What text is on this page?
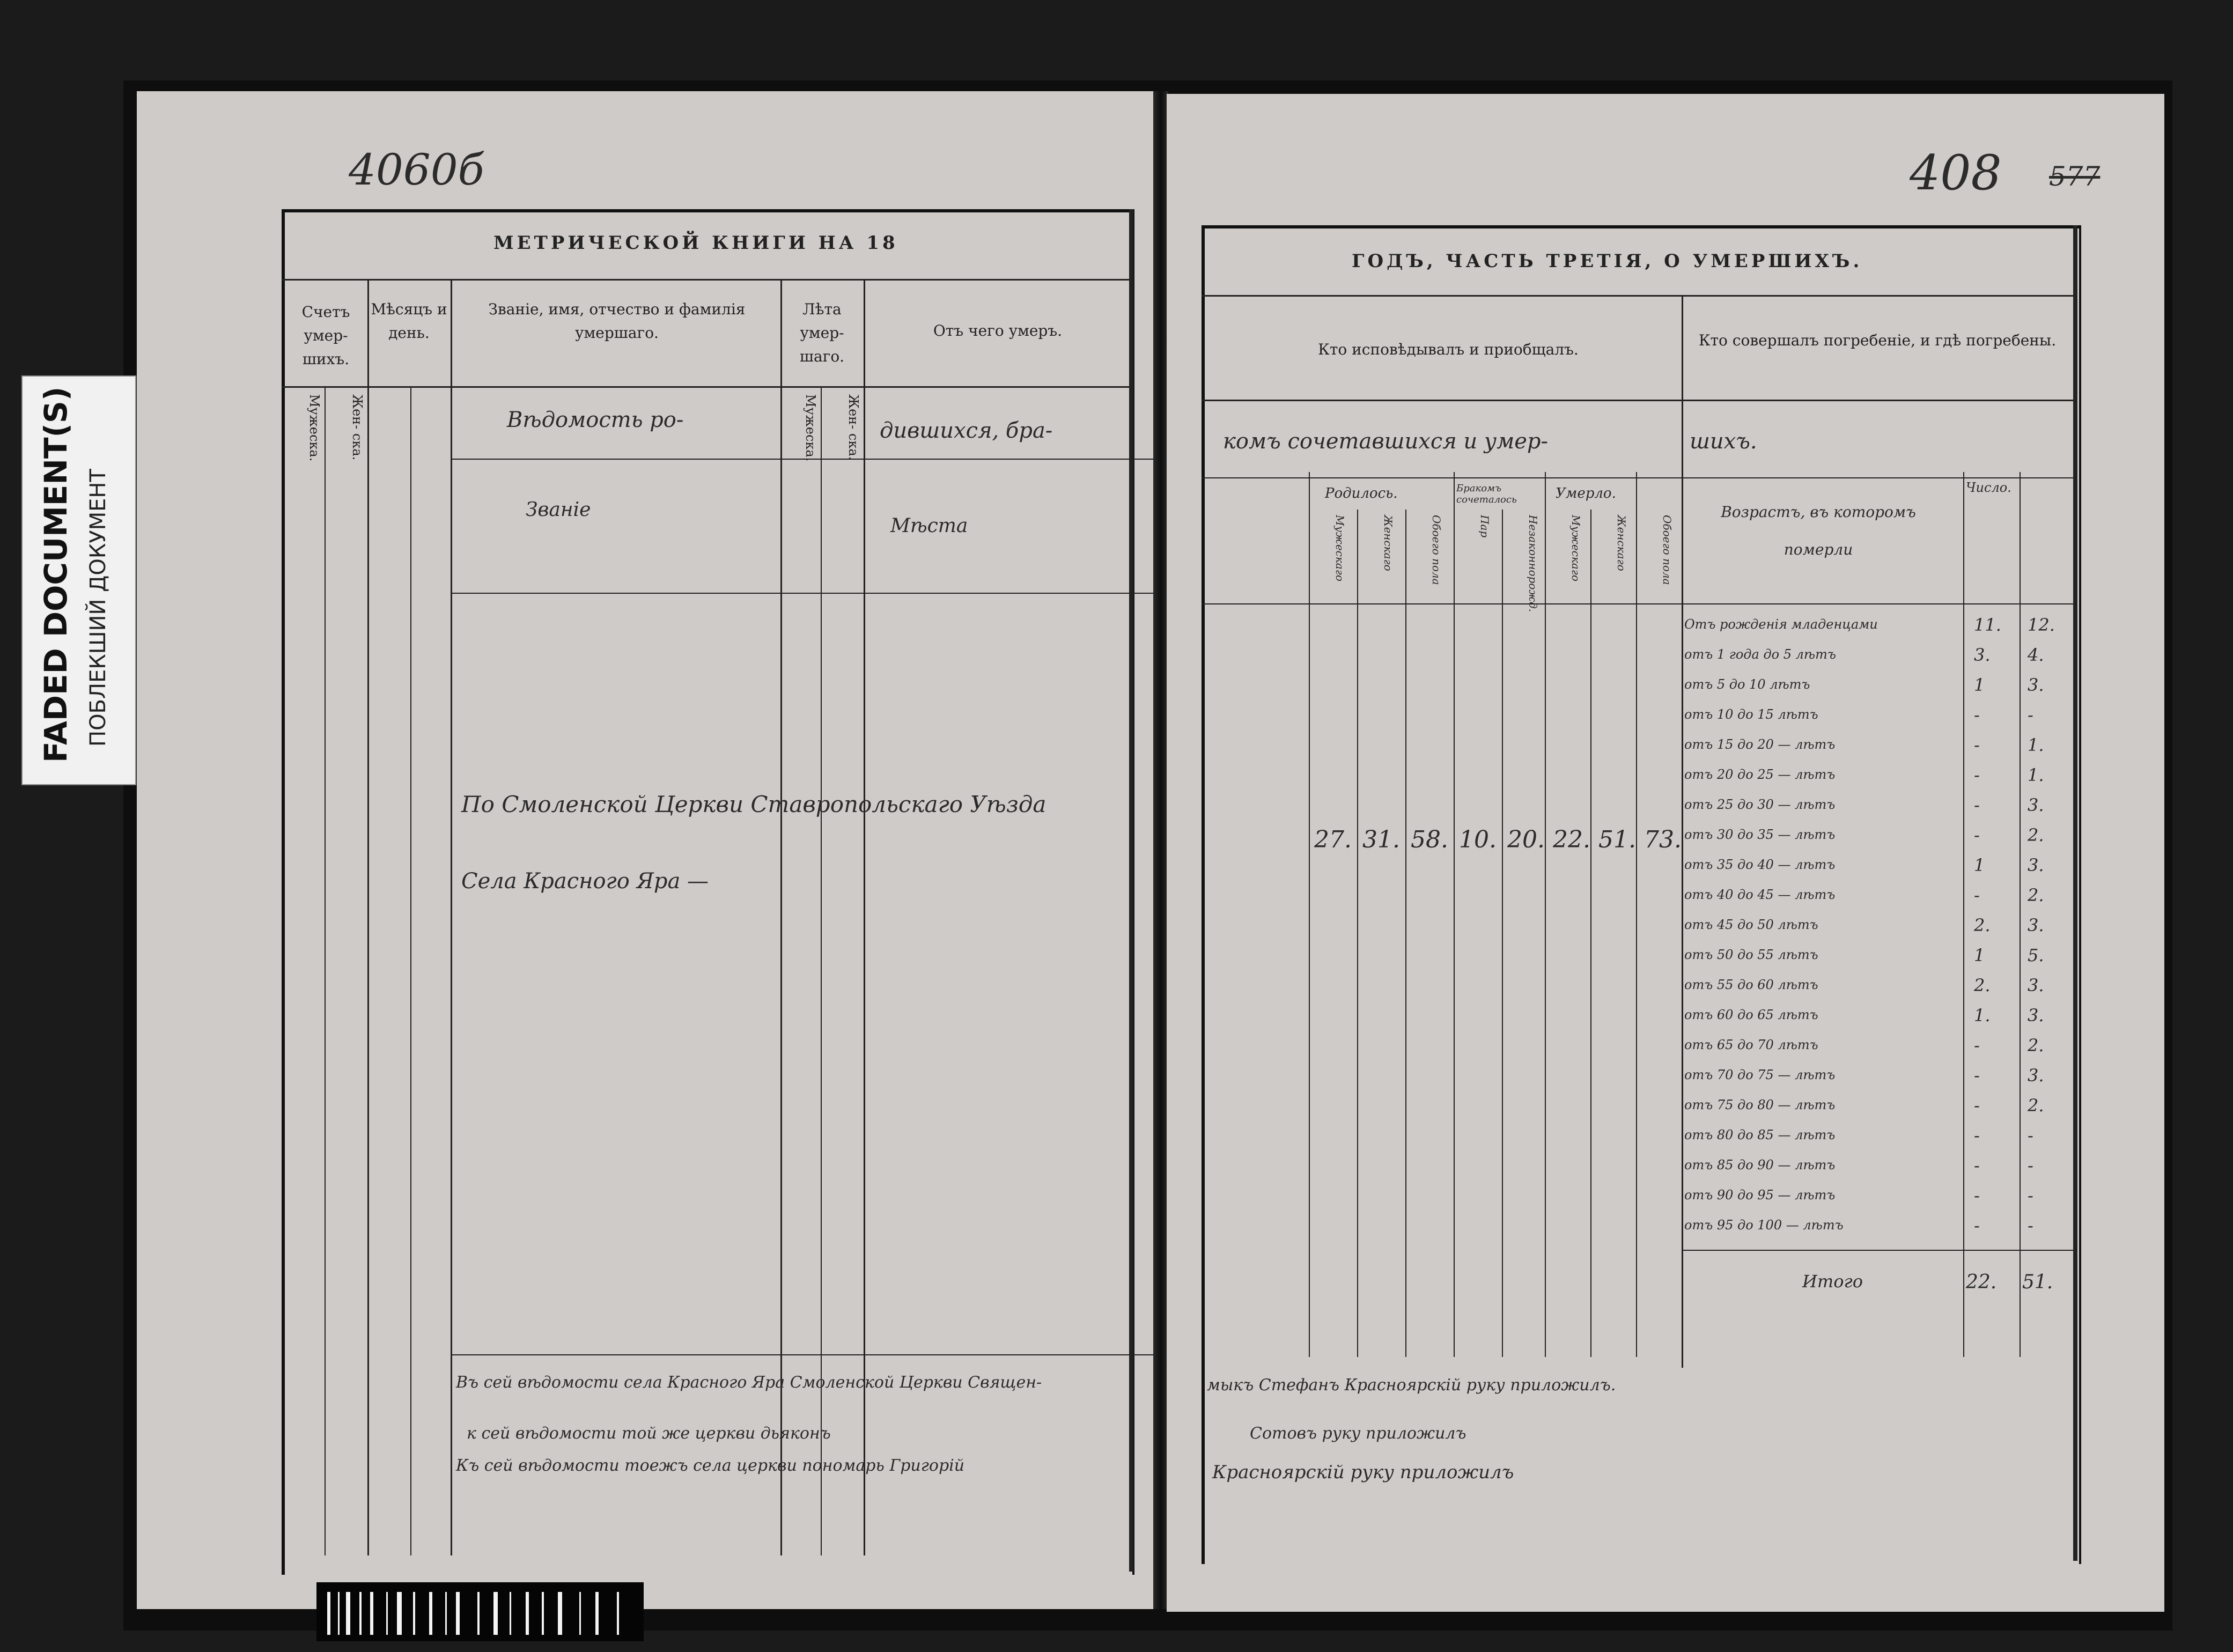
FADED DOCUMENT(S) ПОБЛЕКШИЙ ДОКУМЕНТ
4060б	408 577
МЕТРИЧЕСКОЙ КНИГИ НА 18
Счетъ умер- шихъ.
Мѣсяцъ и день.
Званіе, имя, отчество и фамилія умершаго.
Лѣта умер- шаго.
Отъ чего умеръ.
Мужеска. Жен- ска.	Мужеска. Жен- ска.
Вѣдомость ро-	дившихся, бра-
Званіе
Мѣста
По Смоленской Церкви Ставропольскаго Уѣзда
Села Красного Яра —
Въ сей вѣдомости села Красного Яра Смоленской Церкви Священ-
к сей вѣдомости той же церкви дьяконъ
Къ сей вѣдомости тоежъ села церкви пономарь Григорій
ГОДЪ, ЧАСТЬ ТРЕТІЯ, О УМЕРШИХЪ.
Кто исповѣдывалъ и приобщалъ.
Кто совершалъ погребеніе, и гдѣ погребены.
комъ сочетавшихся и умер-	шихъ.
Родилось.	Бракомъ сочеталось	Умерло.
Возрастъ, въ которомъ померли
Число.
Мужескаго	Женскаго	Обоего пола	Пар	Незаконнорожд.	Мужескаго	Женскаго	Обоего пола
27. 31. 58. 10. 20. 22. 51. 73.
Отъ рожденія младенцами	11. 12.
отъ 1 года до 5 лѣтъ	3. 4.
отъ 5 до 10 лѣтъ	1 3.
отъ 10 до 15 лѣтъ	-	-
отъ 15 до 20 — лѣтъ	-	1.
отъ 20 до 25 — лѣтъ	-	1.
отъ 25 до 30 — лѣтъ	-	3.
отъ 30 до 35 — лѣтъ	-	2.
отъ 35 до 40 — лѣтъ	1 3.
отъ 40 до 45 — лѣтъ	-	2.
отъ 45 до 50 лѣтъ	2. 3.
отъ 50 до 55 лѣтъ	1 5.
отъ 55 до 60 лѣтъ	2. 3.
отъ 60 до 65 лѣтъ	1. 3.
отъ 65 до 70 лѣтъ	-	2.
отъ 70 до 75 — лѣтъ	-	3.
отъ 75 до 80 — лѣтъ	-	2.
отъ 80 до 85 — лѣтъ	-	-
отъ 85 до 90 — лѣтъ	-	-
отъ 90 до 95 — лѣтъ	-	-
отъ 95 до 100 — лѣтъ	-	-
Итого	22. 51.
мыкъ Стефанъ Красноярскій руку приложилъ.
Сотовъ руку приложилъ
Красноярскій руку приложилъ
